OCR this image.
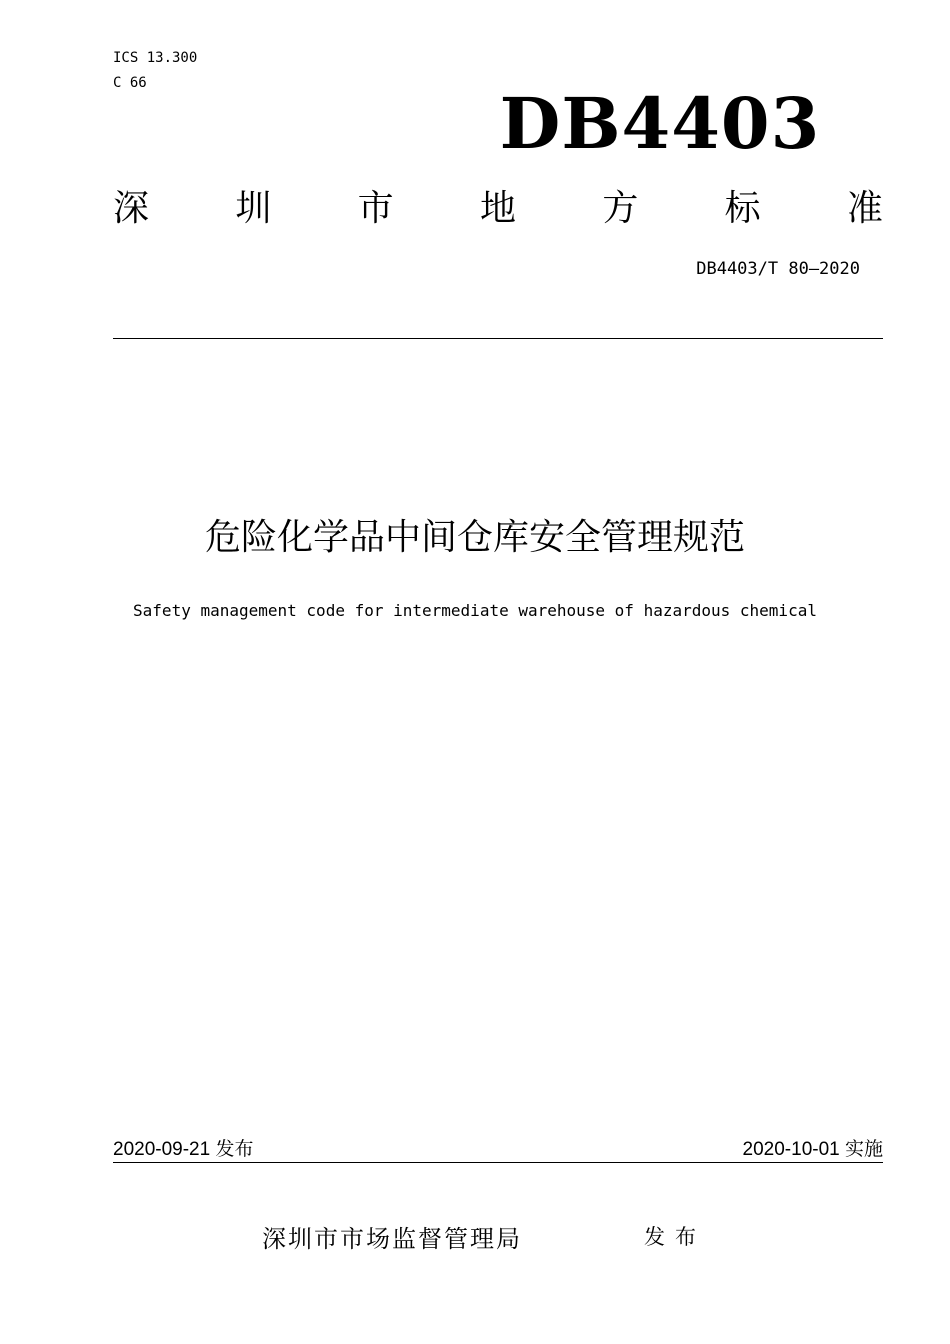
ICS 13.300
C 66	DB4403
深 圳 市 地 方 标 准
DB4403/T 80—2020
危险化学品中间仓库安全管理规范
Safety management code for intermediate warehouse of hazardous chemical
2020-09-21 发布	2020-10-01 实施
深圳市市场监督管理局	发布
